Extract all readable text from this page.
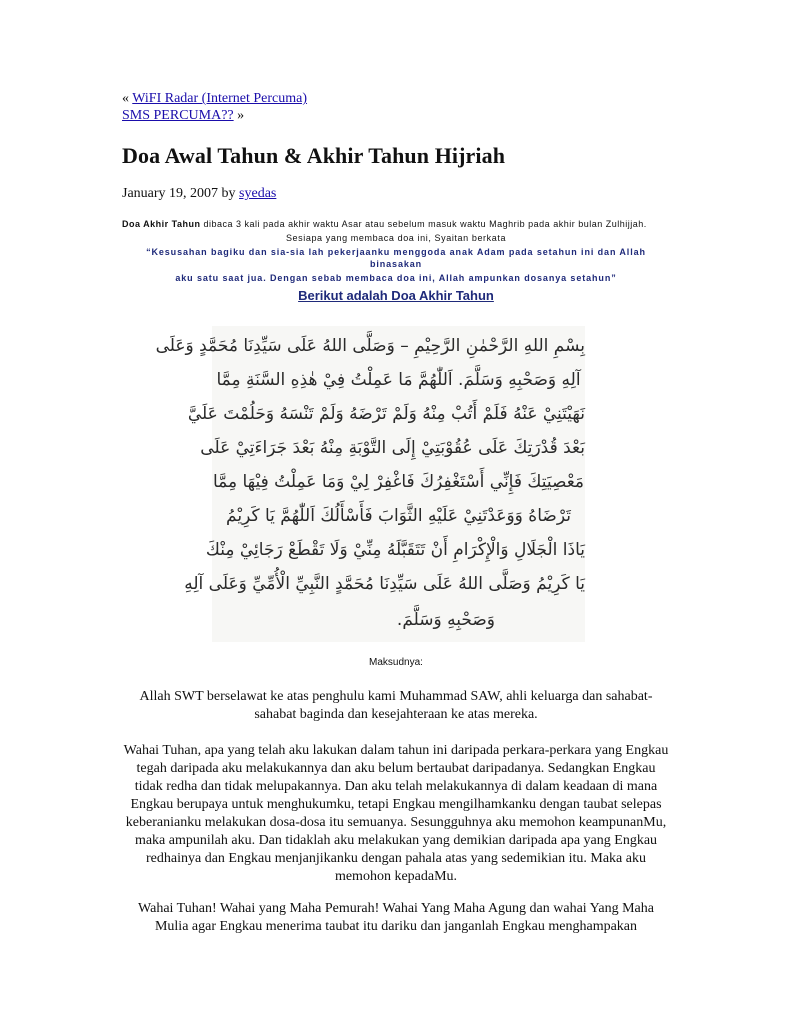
« WiFI Radar (Internet Percuma)
SMS PERCUMA?? »
Doa Awal Tahun & Akhir Tahun Hijriah
January 19, 2007 by syedas
Doa Akhir Tahun dibaca 3 kali pada akhir waktu Asar atau sebelum masuk waktu Maghrib pada akhir bulan Zulhijjah.
Sesiapa yang membaca doa ini, Syaitan berkata
“Kesusahan bagiku dan sia-sia lah pekerjaanku menggoda anak Adam pada setahun ini dan Allah binasakan
aku satu saat jua. Dengan sebab membaca doa ini, Allah ampunkan dosanya setahun”
Berikut adalah Doa Akhir Tahun
بِسْمِ اللهِ الرَّحْمٰنِ الرَّحِيْمِ – وَصَلَّى اللهُ عَلَى سَيِّدِنَا مُحَمَّدٍ وَعَلَى
آلِهِ وَصَحْبِهِ وَسَلَّمَ. اَللّٰهُمَّ مَا عَمِلْتُ فِيْ هٰذِهِ السَّنَةِ مِمَّا
نَهَيْتَنِيْ عَنْهُ فَلَمْ أَتُبْ مِنْهُ وَلَمْ تَرْضَهُ وَلَمْ تَنْسَهُ وَحَلُمْتَ عَلَيَّ
بَعْدَ قُدْرَتِكَ عَلَى عُقُوْبَتِيْ إِلَى التَّوْبَةِ مِنْهُ بَعْدَ جَرَاءَتِيْ عَلَى
مَعْصِيَتِكَ فَإِنِّي أَسْتَغْفِرُكَ فَاغْفِرْ لِيْ وَمَا عَمِلْتُ فِيْهَا مِمَّا
تَرْضَاهُ وَوَعَدْتَنِيْ عَلَيْهِ الثَّوَابَ فَأَسْأَلُكَ اَللّٰهُمَّ يَا كَرِيْمُ
يَاذَا الْجَلَالِ وَالْإِكْرَامِ أَنْ تَتَقَبَّلَهُ مِنِّيْ وَلَا تَقْطَعْ رَجَائِيْ مِنْكَ
يَا كَرِيْمُ وَصَلَّى اللهُ عَلَى سَيِّدِنَا مُحَمَّدٍ النَّبِيِّ الْأُمِّيِّ وَعَلَى آلِهِ
وَصَحْبِهِ وَسَلَّمَ.
Maksudnya:
Allah SWT berselawat ke atas penghulu kami Muhammad SAW, ahli keluarga dan sahabat-sahabat baginda dan kesejahteraan ke atas mereka.
Wahai Tuhan, apa yang telah aku lakukan dalam tahun ini daripada perkara-perkara yang Engkau tegah daripada aku melakukannya dan aku belum bertaubat daripadanya. Sedangkan Engkau tidak redha dan tidak melupakannya. Dan aku telah melakukannya di dalam keadaan di mana Engkau berupaya untuk menghukumku, tetapi Engkau mengilhamkanku dengan taubat selepas keberanianku melakukan dosa-dosa itu semuanya. Sesungguhnya aku memohon keampunanMu, maka ampunilah aku. Dan tidaklah aku melakukan yang demikian daripada apa yang Engkau redhainya dan Engkau menjanjikanku dengan pahala atas yang sedemikian itu. Maka aku memohon kepadaMu.
Wahai Tuhan! Wahai yang Maha Pemurah! Wahai Yang Maha Agung dan wahai Yang Maha Mulia agar Engkau menerima taubat itu dariku dan janganlah Engkau menghampakan
